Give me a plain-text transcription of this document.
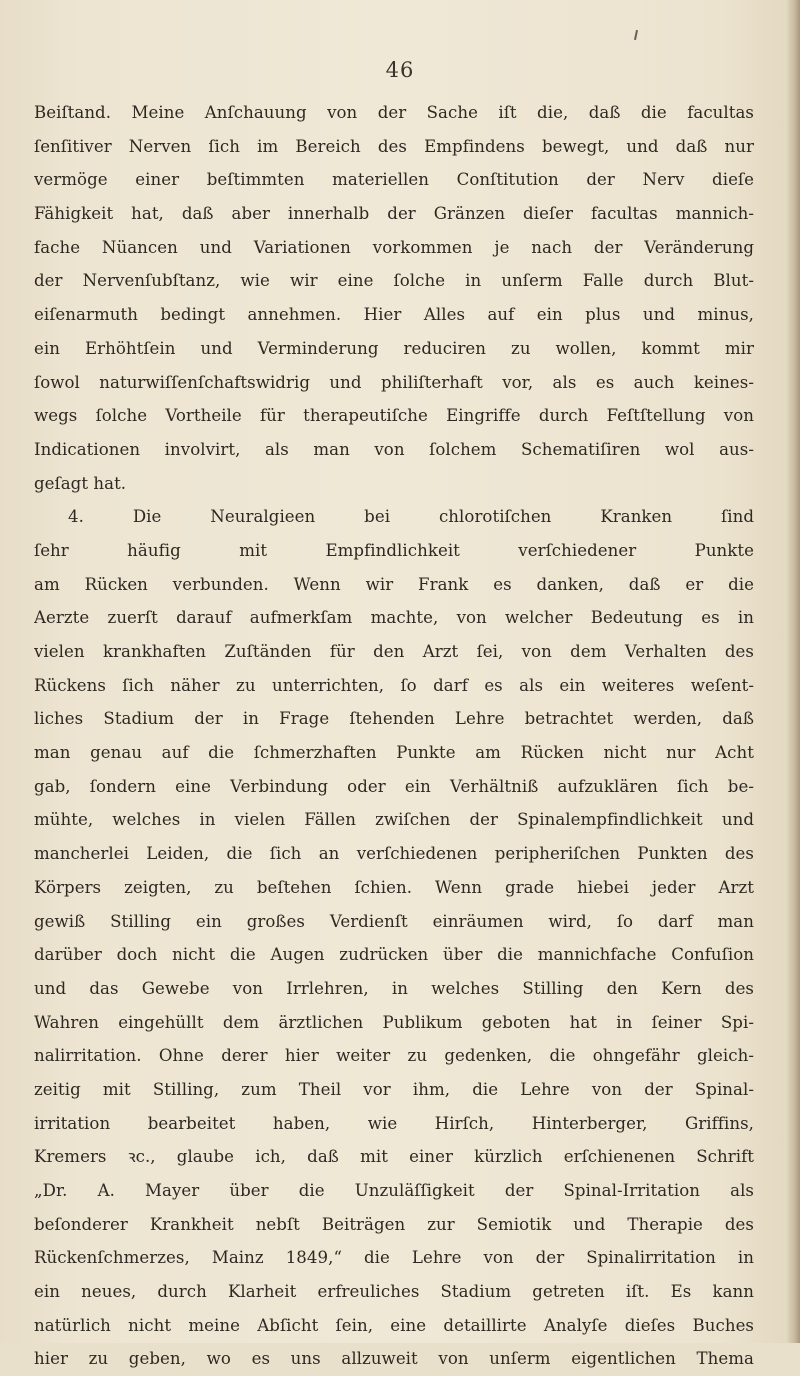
46
Beiſtand. Meine Anſchauung von der Sache iſt die, daß die facultas
ſenſitiver Nerven ſich im Bereich des Empfindens bewegt, und daß nur
vermöge einer beſtimmten materiellen Conſtitution der Nerv dieſe
Fähigkeit hat, daß aber innerhalb der Gränzen dieſer facultas mannich-
fache Nüancen und Variationen vorkommen je nach der Veränderung
der Nervenſubſtanz, wie wir eine ſolche in unſerm Falle durch Blut-
eiſenarmuth bedingt annehmen. Hier Alles auf ein plus und minus,
ein Erhöhtſein und Verminderung reduciren zu wollen, kommt mir
ſowol naturwiſſenſchaftswidrig und philiſterhaft vor, als es auch keines-
wegs ſolche Vortheile für therapeutiſche Eingriffe durch Feſtſtellung von
Indicationen involvirt, als man von ſolchem Schematiſiren wol aus-
geſagt hat.
4. Die Neuralgieen bei chlorotiſchen Kranken ſind
ſehr häufig mit Empfindlichkeit verſchiedener Punkte
am Rücken verbunden. Wenn wir Frank es danken, daß er die
Aerzte zuerſt darauf aufmerkſam machte, von welcher Bedeutung es in
vielen krankhaften Zuſtänden für den Arzt ſei, von dem Verhalten des
Rückens ſich näher zu unterrichten, ſo darf es als ein weiteres weſent-
liches Stadium der in Frage ſtehenden Lehre betrachtet werden, daß
man genau auf die ſchmerzhaften Punkte am Rücken nicht nur Acht
gab, ſondern eine Verbindung oder ein Verhältniß aufzuklären ſich be-
mühte, welches in vielen Fällen zwiſchen der Spinalempfindlichkeit und
mancherlei Leiden, die ſich an verſchiedenen peripheriſchen Punkten des
Körpers zeigten, zu beſtehen ſchien. Wenn grade hiebei jeder Arzt
gewiß Stilling ein großes Verdienſt einräumen wird, ſo darf man
darüber doch nicht die Augen zudrücken über die mannichfache Confuſion
und das Gewebe von Irrlehren, in welches Stilling den Kern des
Wahren eingehüllt dem ärztlichen Publikum geboten hat in ſeiner Spi-
nalirritation. Ohne derer hier weiter zu gedenken, die ohngefähr gleich-
zeitig mit Stilling, zum Theil vor ihm, die Lehre von der Spinal-
irritation bearbeitet haben, wie Hirſch, Hinterberger, Griffins,
Kremers ꝛc., glaube ich, daß mit einer kürzlich erſchienenen Schrift
„Dr. A. Mayer über die Unzuläſſigkeit der Spinal-Irritation als
beſonderer Krankheit nebſt Beiträgen zur Semiotik und Therapie des
Rückenſchmerzes, Mainz 1849,“ die Lehre von der Spinalirritation in
ein neues, durch Klarheit erfreuliches Stadium getreten iſt. Es kann
natürlich nicht meine Abſicht ſein, eine detaillirte Analyſe dieſes Buches
hier zu geben, wo es uns allzuweit von unſerm eigentlichen Thema
